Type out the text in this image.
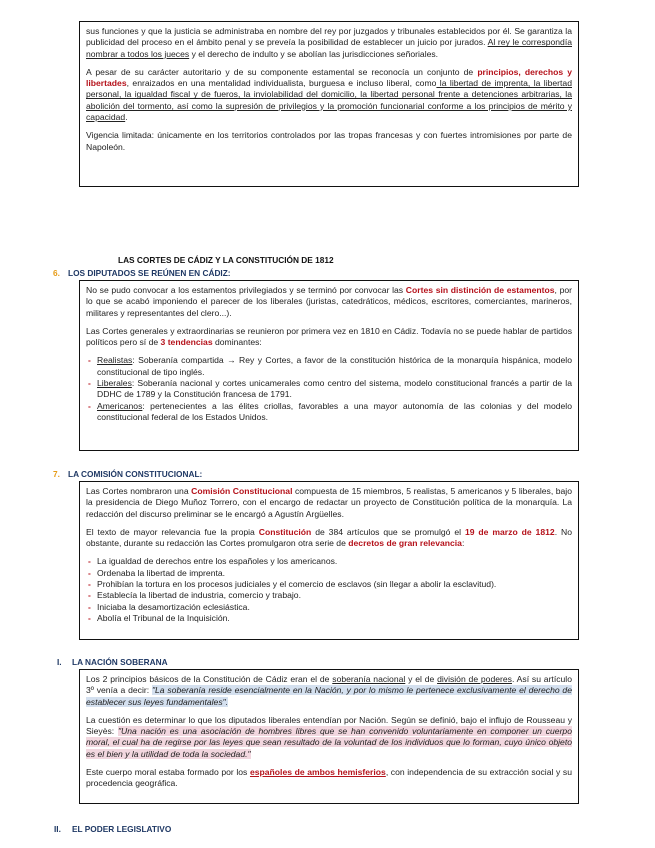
sus funciones y que la justicia se administraba en nombre del rey por juzgados y tribunales establecidos por él. Se garantiza la publicidad del proceso en el ámbito penal y se preveía la posibilidad de establecer un juicio por jurados. Al rey le correspondía nombrar a todos los jueces y el derecho de indulto y se abolían las jurisdicciones señoriales.

A pesar de su carácter autoritario y de su componente estamental se reconocía un conjunto de principios, derechos y libertades, enraizados en una mentalidad individualista, burguesa e incluso liberal, como la libertad de imprenta, la libertad personal, la igualdad fiscal y de fueros, la inviolabilidad del domicilio, la libertad personal frente a detenciones arbitrarias, la abolición del tormento, así como la supresión de privilegios y la promoción funcionarial conforme a los principios de mérito y capacidad.

Vigencia limitada: únicamente en los territorios controlados por las tropas francesas y con fuertes intromisiones por parte de Napoleón.

LAS CORTES DE CÁDIZ Y LA CONSTITUCIÓN DE 1812
6. LOS DIPUTADOS SE REÚNEN EN CÁDIZ:

No se pudo convocar a los estamentos privilegiados y se terminó por convocar las Cortes sin distinción de estamentos, por lo que se acabó imponiendo el parecer de los liberales (juristas, catedráticos, médicos, escritores, comerciantes, marineros, militares y representantes del clero...).

Las Cortes generales y extraordinarias se reunieron por primera vez en 1810 en Cádiz. Todavía no se puede hablar de partidos políticos pero sí de 3 tendencias dominantes:

- Realistas: Soberanía compartida → Rey y Cortes, a favor de la constitución histórica de la monarquía hispánica, modelo constitucional de tipo inglés.
- Liberales: Soberanía nacional y cortes unicamerales como centro del sistema, modelo constitucional francés a partir de la DDHC de 1789 y la Constitución francesa de 1791.
- Americanos: pertenecientes a las élites criollas, favorables a una mayor autonomía de las colonias y del modelo constitucional federal de los Estados Unidos.
7. LA COMISIÓN CONSTITUCIONAL:

Las Cortes nombraron una Comisión Constitucional compuesta de 15 miembros, 5 realistas, 5 americanos y 5 liberales, bajo la presidencia de Diego Muñoz Torrero, con el encargo de redactar un proyecto de Constitución política de la monarquía. La redacción del discurso preliminar se le encargó a Agustín Argüelles.

El texto de mayor relevancia fue la propia Constitución de 384 artículos que se promulgó el 19 de marzo de 1812. No obstante, durante su redacción las Cortes promulgaron otra serie de decretos de gran relevancia:

- La igualdad de derechos entre los españoles y los americanos.
- Ordenaba la libertad de imprenta.
- Prohibían la tortura en los procesos judiciales y el comercio de esclavos (sin llegar a abolir la esclavitud).
- Establecía la libertad de industria, comercio y trabajo.
- Iniciaba la desamortización eclesiástica.
- Abolía el Tribunal de la Inquisición.
I. LA NACIÓN SOBERANA

Los 2 principios básicos de la Constitución de Cádiz eran el de soberanía nacional y el de división de poderes. Así su artículo 3º venía a decir: "La soberanía reside esencialmente en la Nación, y por lo mismo le pertenece exclusivamente el derecho de establecer sus leyes fundamentales".

La cuestión es determinar lo que los diputados liberales entendían por Nación. Según se definió, bajo el influjo de Rousseau y Sieyès: "Una nación es una asociación de hombres libres que se han convenido voluntariamente en componer un cuerpo moral, el cual ha de regirse por las leyes que sean resultado de la voluntad de los individuos que lo forman, cuyo único objeto es el bien y la utilidad de toda la sociedad."

Este cuerpo moral estaba formado por los españoles de ambos hemisferios, con independencia de su extracción social y su procedencia geográfica.

II. EL PODER LEGISLATIVO
